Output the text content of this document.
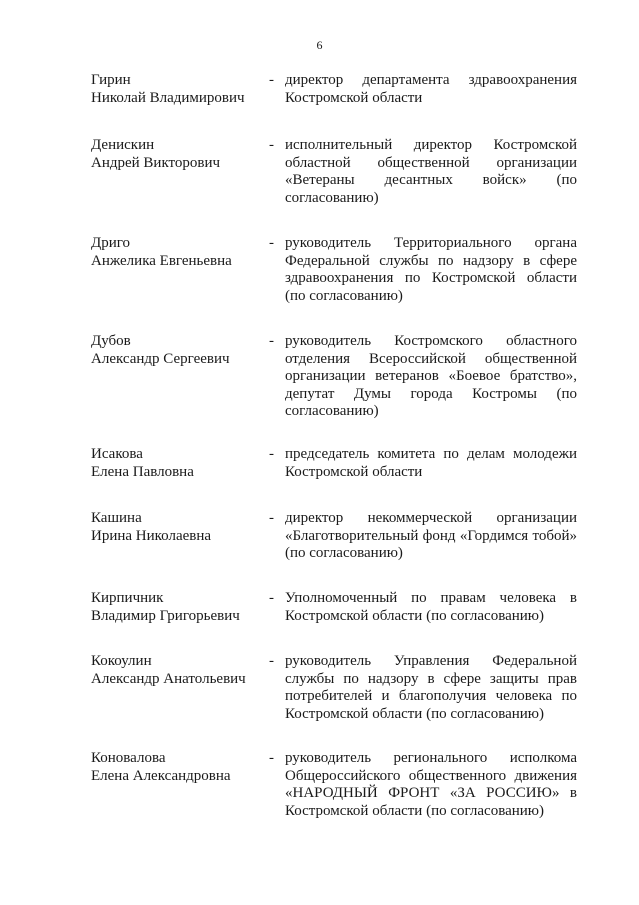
6
Гирин
Николай Владимирович
- директор департамента здравоохранения Костромской области
Денискин
Андрей Викторович
- исполнительный директор Костромской областной общественной организации «Ветераны десантных войск» (по согласованию)
Дриго
Анжелика Евгеньевна
- руководитель Территориального органа Федеральной службы по надзору в сфере здравоохранения по Костромской области (по согласованию)
Дубов
Александр Сергеевич
- руководитель Костромского областного отделения Всероссийской общественной организации ветеранов «Боевое братство», депутат Думы города Костромы (по согласованию)
Исакова
Елена Павловна
- председатель комитета по делам молодежи Костромской области
Кашина
Ирина Николаевна
- директор некоммерческой организации «Благотворительный фонд «Гордимся тобой» (по согласованию)
Кирпичник
Владимир Григорьевич
- Уполномоченный по правам человека в Костромской области (по согласованию)
Кокоулин
Александр Анатольевич
- руководитель Управления Федеральной службы по надзору в сфере защиты прав потребителей и благополучия человека по Костромской области (по согласованию)
Коновалова
Елена Александровна
- руководитель регионального исполкома Общероссийского общественного движения «НАРОДНЫЙ ФРОНТ «ЗА РОССИЮ» в Костромской области (по согласованию)
